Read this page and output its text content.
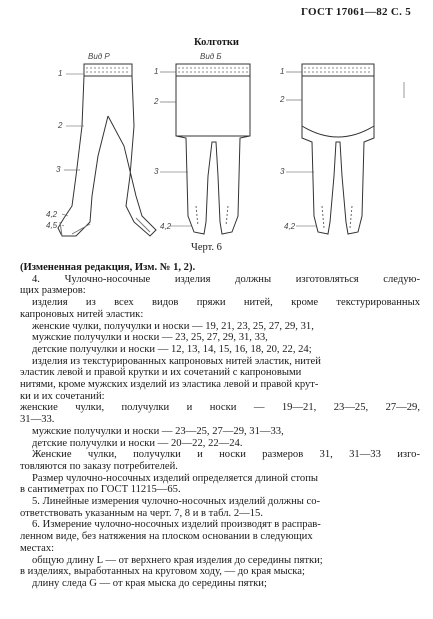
ГОСТ 17061—82 С. 5
Колготки
Вид Р
1
2
3
4,2
4,5
Вид Б
1
2
3
4,2
1
2
3
4,2
Черт. 6

(Измененная редакция, Изм. № 1, 2).

4. Чулочно-носочные изделия должны изготовляться следую-

щих размеров:

изделия из всех видов пряжи нитей, кроме текстурированных

капроновых нитей эластик:

женские чулки, получулки и носки — 19, 21, 23, 25, 27, 29, 31,

мужские получулки и носки — 23, 25, 27, 29, 31, 33,

детские получулки и носки — 12, 13, 14, 15, 16, 18, 20, 22, 24;

изделия из текстурированных капроновых нитей эластик, нитей

эластик левой и правой крутки и их сочетаний с капроновыми

нитями, кроме мужских изделий из эластика левой и правой крут-

ки и их сочетаний:

женские чулки, получулки и носки — 19—21, 23—25, 27—29,

31—33.

мужские получулки и носки — 23—25, 27—29, 31—33,

детские получулки и носки — 20—22, 22—24.

Женские чулки, получулки и носки размеров 31, 31—33 изго-

товляются по заказу потребителей.

Размер чулочно-носочных изделий определяется длиной стопы

в сантиметрах по ГОСТ 11215—65.

5. Линейные измерения чулочно-носочных изделий должны со-

ответствовать указанным на черт. 7, 8 и в табл. 2—15.

6. Измерение чулочно-носочных изделий производят в расправ-

ленном виде, без натяжения на плоском основании в следующих

местах:

общую длину L — от верхнего края изделия до середины пятки;

в изделиях, выработанных на круговом ходу, — до края мыска;

длину следа G — от края мыска до середины пятки;
